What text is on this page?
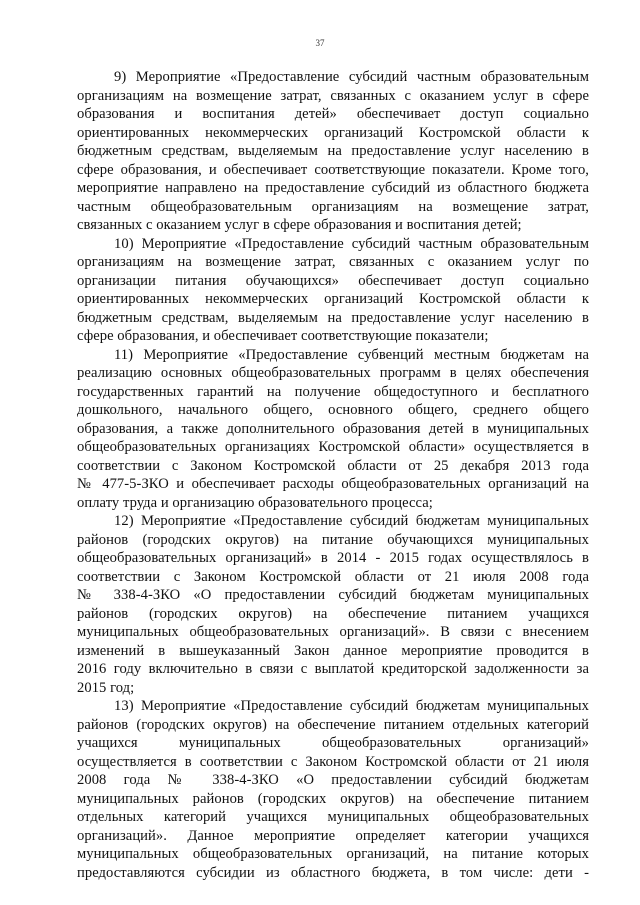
37

9) Мероприятие «Предоставление субсидий частным образовательным
организациям на возмещение затрат, связанных с оказанием услуг в сфере
образования и воспитания детей» обеспечивает доступ социально
ориентированных некоммерческих организаций Костромской области к
бюджетным средствам, выделяемым на предоставление услуг населению в
сфере образования, и обеспечивает соответствующие показатели. Кроме того,
мероприятие направлено на предоставление субсидий из областного бюджета
частным общеобразовательным организациям на возмещение затрат,
связанных с оказанием услуг в сфере образования и воспитания детей;

10) Мероприятие «Предоставление субсидий частным образовательным
организациям на возмещение затрат, связанных с оказанием услуг по
организации питания обучающихся» обеспечивает доступ социально
ориентированных некоммерческих организаций Костромской области к
бюджетным средствам, выделяемым на предоставление услуг населению в
сфере образования, и обеспечивает соответствующие показатели;

11) Мероприятие «Предоставление субвенций местным бюджетам на
реализацию основных общеобразовательных программ в целях обеспечения
государственных гарантий на получение общедоступного и бесплатного
дошкольного, начального общего, основного общего, среднего общего
образования, а также дополнительного образования детей в муниципальных
общеобразовательных организациях Костромской области» осуществляется в
соответствии с Законом Костромской области от 25 декабря 2013 года
№ 477-5-ЗКО и обеспечивает расходы общеобразовательных организаций на
оплату труда и организацию образовательного процесса;

12) Мероприятие «Предоставление субсидий бюджетам муниципальных
районов (городских округов) на питание обучающихся муниципальных
общеобразовательных организаций» в 2014 - 2015 годах осуществлялось в
соответствии с Законом Костромской области от 21 июля 2008 года
№ 338-4-ЗКО «О предоставлении субсидий бюджетам муниципальных
районов (городских округов) на обеспечение питанием учащихся
муниципальных общеобразовательных организаций». В связи с внесением
изменений в вышеуказанный Закон данное мероприятие проводится в
2016 году включительно в связи с выплатой кредиторской задолженности за
2015 год;

13) Мероприятие «Предоставление субсидий бюджетам муниципальных
районов (городских округов) на обеспечение питанием отдельных категорий
учащихся муниципальных общеобразовательных организаций»
осуществляется в соответствии с Законом Костромской области от 21 июля
2008 года № 338-4-ЗКО «О предоставлении субсидий бюджетам
муниципальных районов (городских округов) на обеспечение питанием
отдельных категорий учащихся муниципальных общеобразовательных
организаций». Данное мероприятие определяет категории учащихся
муниципальных общеобразовательных организаций, на питание которых
предоставляются субсидии из областного бюджета, в том числе: дети -
